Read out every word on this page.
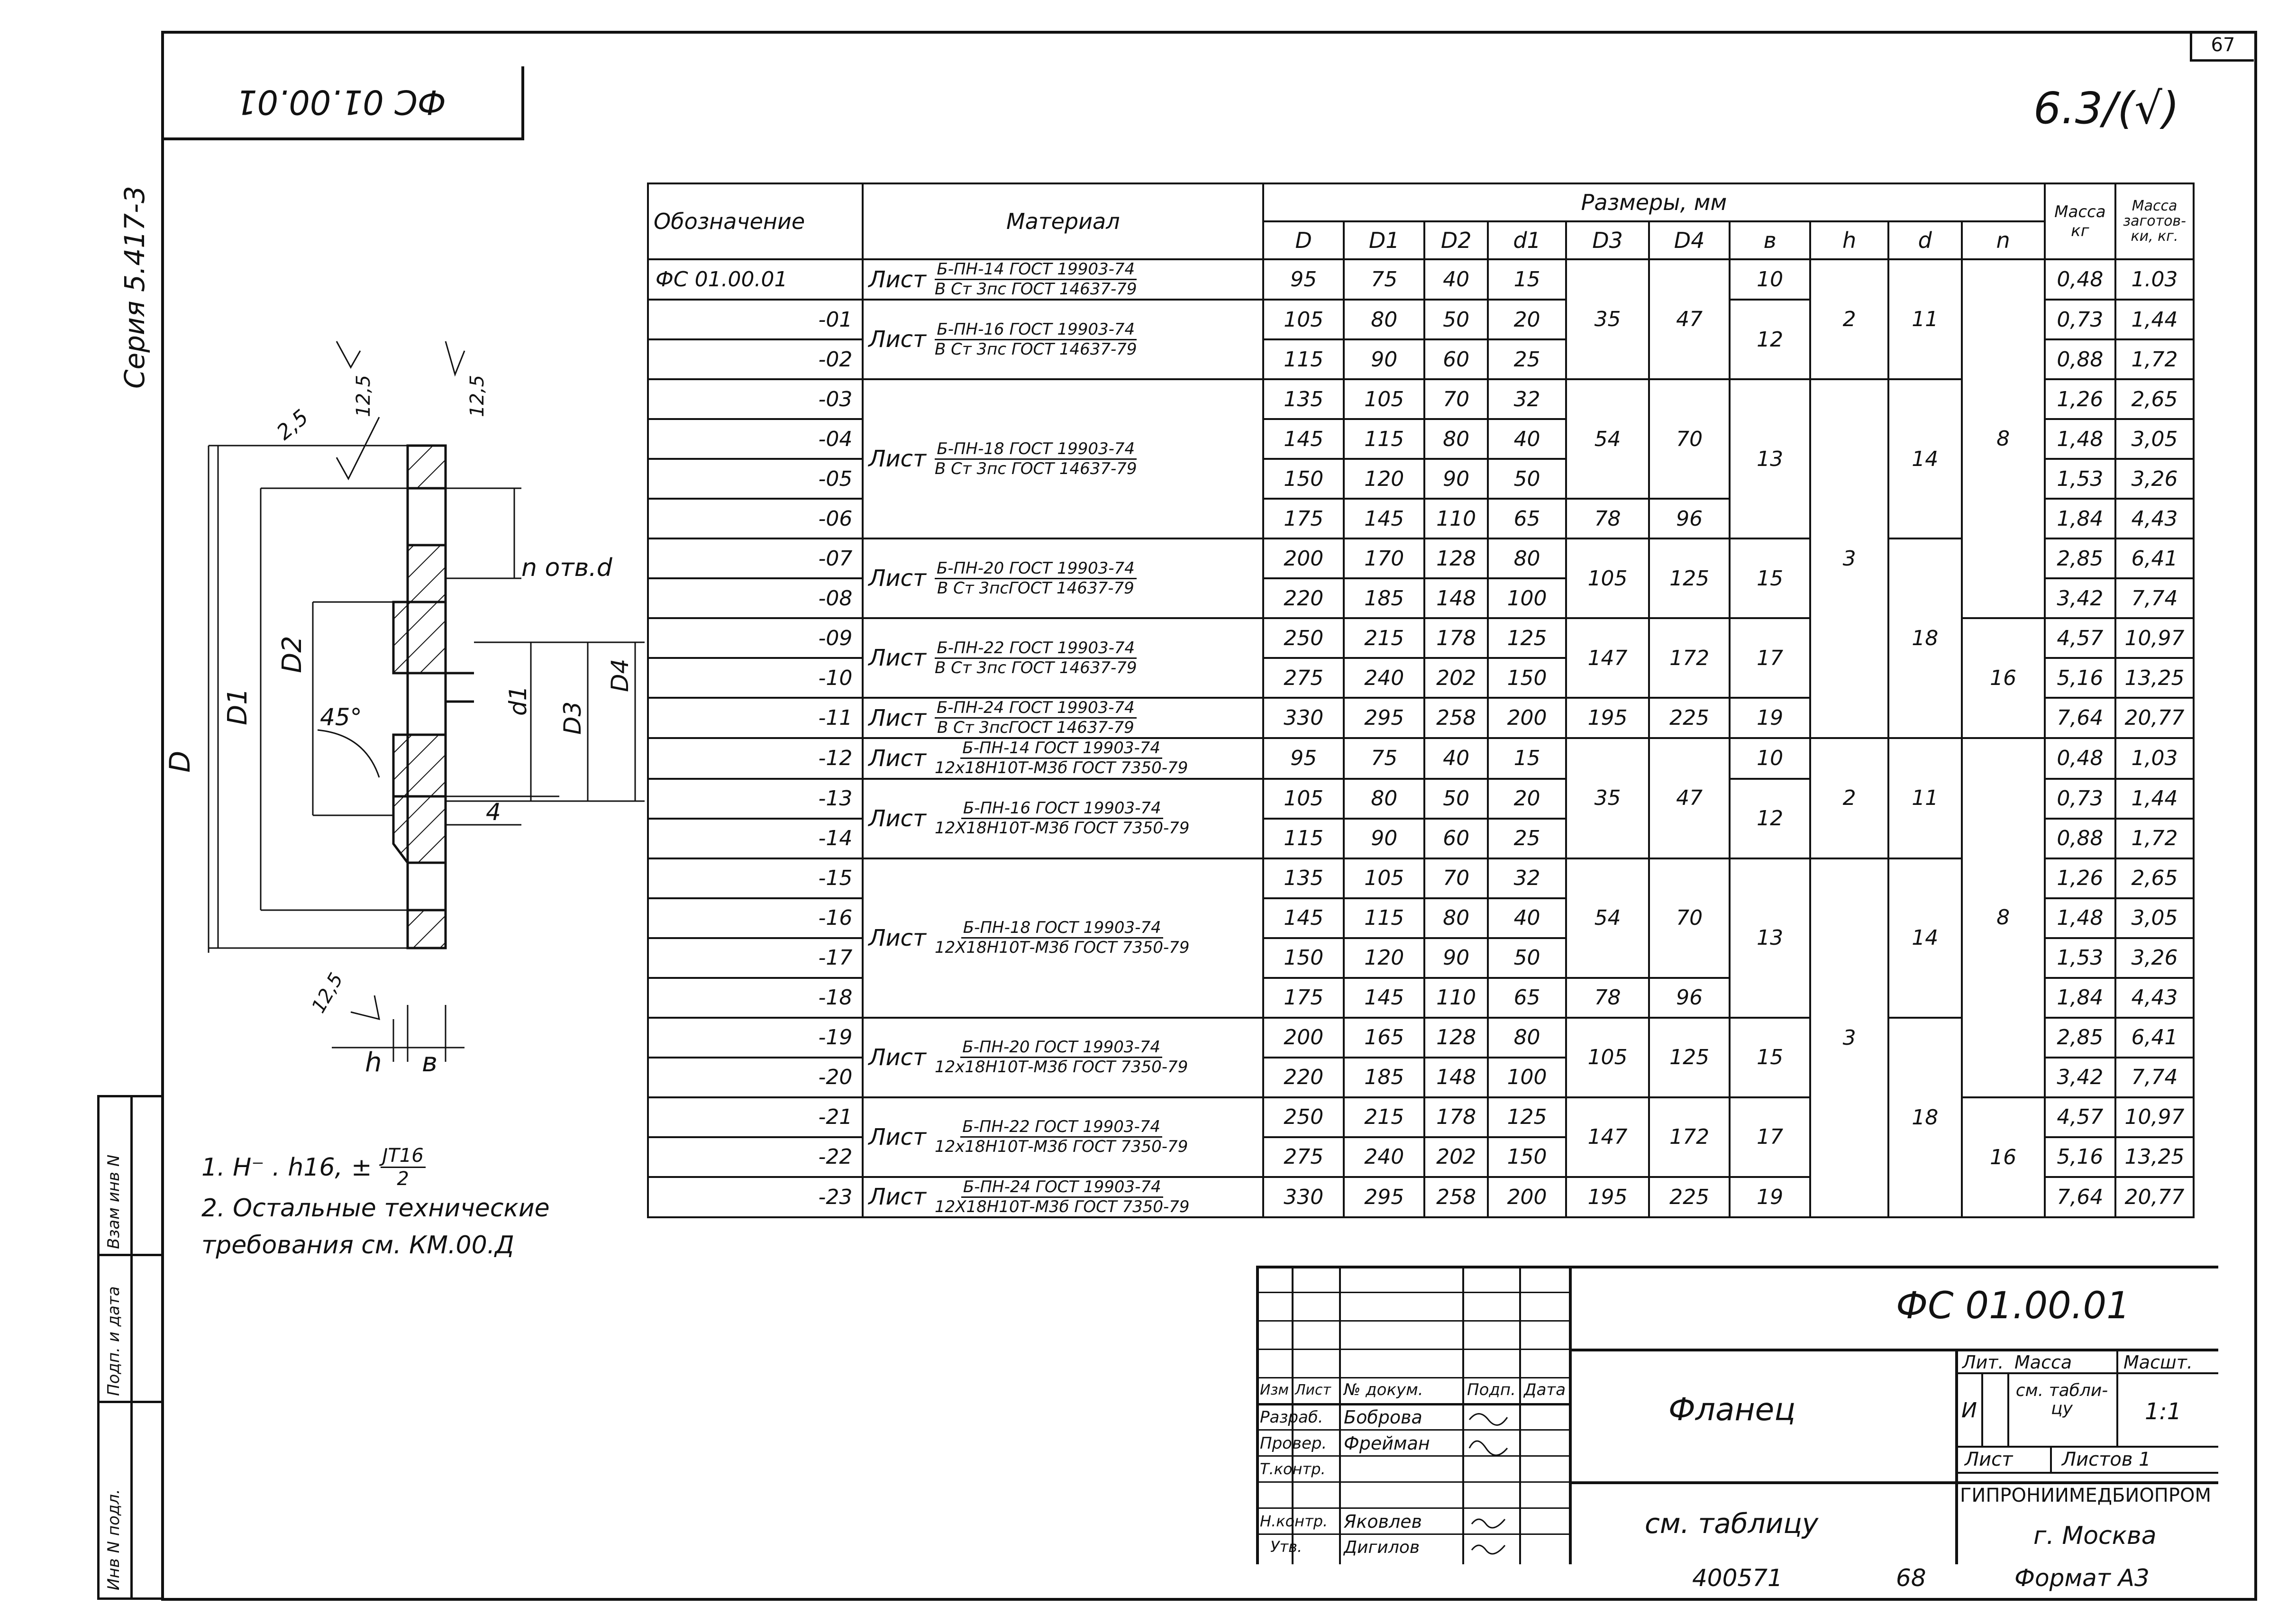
67
ФС 01.00.01
Серия 5.417-3
6.3/(√)
Инв N подл.
Подп. и дата
Взам инв N
D
D1
D2
d1
D3
D4
n отв.d
45°
2,5
12,5	12,5
12,5
4
h в
1. Н⁻ . h16, ± $\frac{JT16}{2}$
2. Остальные технические
требования см. КМ.00.Д
Обозначение	Материал	Размеры, мм										Масса кг	Масса
заготов-
ки, кг.

		D	D1	D2	d1	D3	D4	в	h	d	n		
ФС 01.00.01	Лист $\frac{\text{Б-ПН-14 ГОСТ 19903-74}}{\text{В Ст 3пс ГОСТ 14637-79}}$	95	75	40	15	35	47	10	2	11	8	0,48	1.03
-01	Лист $\frac{\text{Б-ПН-16 ГОСТ 19903-74}}{\text{В Ст 3пс ГОСТ 14637-79}}$	105	80	50	20			12				0,73	1,44
-02		115	90	60	25							0,88	1,72
-03	Лист $\frac{\text{Б-ПН-18 ГОСТ 19903-74}}{\text{В Ст 3пс ГОСТ 14637-79}}$	135	105	70	32	54	70	13	3	14		1,26	2,65
-04		145	115	80	40							1,48	3,05
-05		150	120	90	50							1,53	3,26
-06		175	145	110	65	78	96					1,84	4,43
-07	Лист $\frac{\text{Б-ПН-20 ГОСТ 19903-74}}{\text{В Ст 3псГОСТ 14637-79}}$	200	170	128	80	105	125	15		18		2,85	6,41
-08		220	185	148	100							3,42	7,74
-09	Лист $\frac{\text{Б-ПН-22 ГОСТ 19903-74}}{\text{В Ст 3пс ГОСТ 14637-79}}$	250	215	178	125	147	172	17			16	4,57	10,97
-10		275	240	202	150							5,16	13,25
-11	Лист $\frac{\text{Б-ПН-24 ГОСТ 19903-74}}{\text{В Ст 3псГОСТ 14637-79}}$	330	295	258	200	195	225	19				7,64	20,77
-12	Лист $\frac{\text{Б-ПН-14 ГОСТ 19903-74}}{\text{12х18Н10Т-М3б ГОСТ 7350-79}}$	95	75	40	15	35	47	10	2	11	8	0,48	1,03
-13	Лист $\frac{\text{Б-ПН-16 ГОСТ 19903-74}}{\text{12Х18Н10Т-М3б ГОСТ 7350-79}}$	105	80	50	20			12				0,73	1,44
-14		115	90	60	25							0,88	1,72
-15	Лист $\frac{\text{Б-ПН-18 ГОСТ 19903-74}}{\text{12Х18Н10Т-М3б ГОСТ 7350-79}}$	135	105	70	32	54	70	13	3	14		1,26	2,65
-16		145	115	80	40							1,48	3,05
-17		150	120	90	50							1,53	3,26
-18		175	145	110	65	78	96					1,84	4,43
-19	Лист $\frac{\text{Б-ПН-20 ГОСТ 19903-74}}{\text{12х18Н10Т-М3б ГОСТ 7350-79}}$	200	165	128	80	105	125	15		18		2,85	6,41
-20		220	185	148	100							3,42	7,74
-21	Лист $\frac{\text{Б-ПН-22 ГОСТ 19903-74}}{\text{12х18Н10Т-М3б ГОСТ 7350-79}}$	250	215	178	125	147	172	17			16	4,57	10,97
-22		275	240	202	150							5,16	13,25
-23	Лист $\frac{\text{Б-ПН-24 ГОСТ 19903-74}}{\text{12Х18Н10Т-М3б ГОСТ 7350-79}}$	330	295	258	200	195	225	19				7,64	20,77
ФС 01.00.01
Фланец
см. таблицу
Лит. Масса	Масшт.
И
см. табли- цу	1:1
Лист	Листов 1
ГИПРОНИИМЕДБИОПРОМ
г. Москва
Изм Лист № докум.	Подп. Дата
Разраб. Боброва
Провер. Фрейман
Т.контр.
Н.контр. Яковлев
Утв. Дигилов
400571	68	Формат А3
